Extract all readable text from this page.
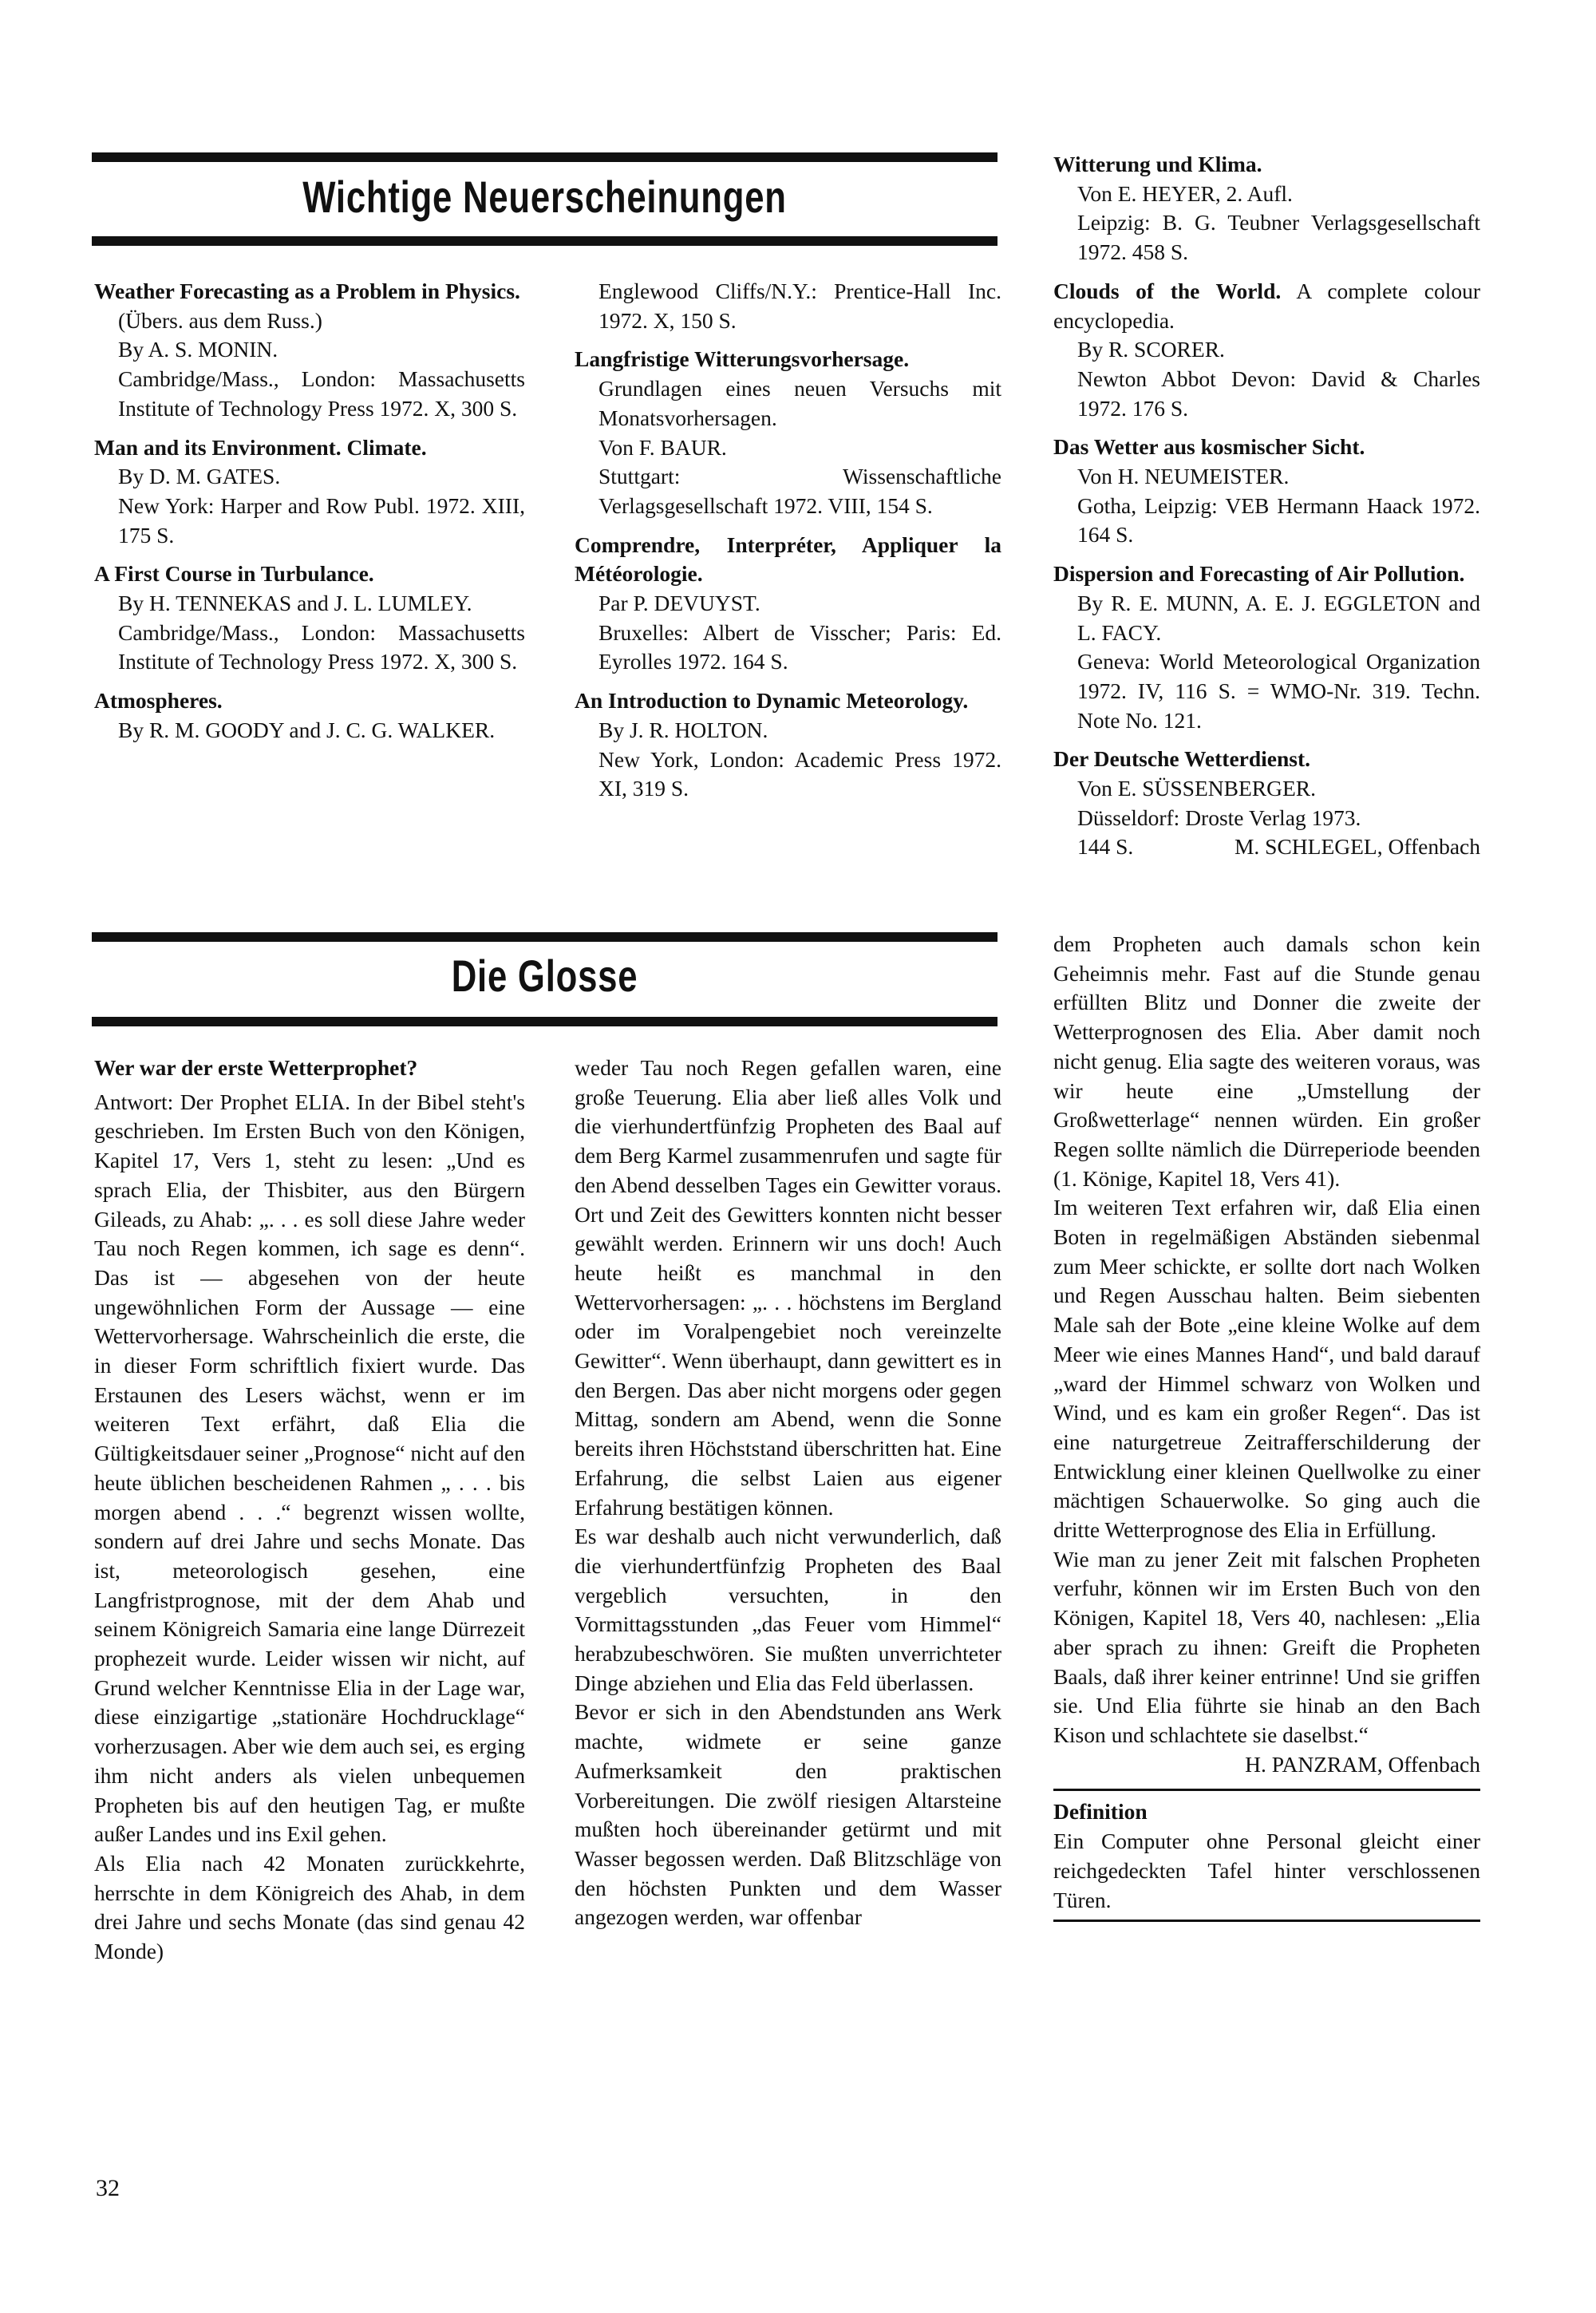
Wichtige Neuerscheinungen

Weather Forecasting as a Problem in Physics.

(Übers. aus dem Russ.)

By A. S. MONIN.

Cambridge/Mass., London: Massachusetts Institute of Technology Press 1972. X, 300 S.

Man and its Environment. Climate.

By D. M. GATES.

New York: Harper and Row Publ. 1972. XIII, 175 S.

A First Course in Turbulance.

By H. TENNEKAS and J. L. LUMLEY.

Cambridge/Mass., London: Massachusetts Institute of Technology Press 1972. X, 300 S.

Atmospheres.

By R. M. GOODY and J. C. G. WALKER.

Englewood Cliffs/N.Y.: Prentice-Hall Inc. 1972. X, 150 S.

Langfristige Witterungsvorhersage.

Grundlagen eines neuen Versuchs mit Monatsvorhersagen.

Von F. BAUR.

Stuttgart: Wissenschaftliche Verlagsgesellschaft 1972. VIII, 154 S.

Comprendre, Interpréter, Appliquer la Météorologie.

Par P. DEVUYST.

Bruxelles: Albert de Visscher; Paris: Ed. Eyrolles 1972. 164 S.

An Introduction to Dynamic Meteorology.

By J. R. HOLTON.

New York, London: Academic Press 1972. XI, 319 S.

Witterung und Klima.

Von E. HEYER, 2. Aufl.

Leipzig: B. G. Teubner Verlagsgesellschaft 1972. 458 S.

Clouds of the World. A complete colour encyclopedia.

By R. SCORER.

Newton Abbot Devon: David & Charles 1972. 176 S.

Das Wetter aus kosmischer Sicht.

Von H. NEUMEISTER.

Gotha, Leipzig: VEB Hermann Haack 1972. 164 S.

Dispersion and Forecasting of Air Pollution.

By R. E. MUNN, A. E. J. EGGLETON and L. FACY.

Geneva: World Meteorological Organization 1972. IV, 116 S. = WMO-Nr. 319. Techn. Note No. 121.

Der Deutsche Wetterdienst.

Von E. SÜSSENBERGER.

Düsseldorf: Droste Verlag 1973.

144 S.	M. SCHLEGEL, Offenbach

Die Glosse

Wer war der erste Wetterprophet?

Antwort: Der Prophet ELIA. In der Bibel steht's geschrieben. Im Ersten Buch von den Königen, Kapitel 17, Vers 1, steht zu lesen: „Und es sprach Elia, der Thisbiter, aus den Bürgern Gileads, zu Ahab: „. . . es soll diese Jahre weder Tau noch Regen kommen, ich sage es denn“. Das ist — abgesehen von der heute ungewöhnlichen Form der Aussage — eine Wettervorhersage. Wahrscheinlich die erste, die in dieser Form schriftlich fixiert wurde. Das Erstaunen des Lesers wächst, wenn er im weiteren Text erfährt, daß Elia die Gültigkeitsdauer seiner „Prognose“ nicht auf den heute üblichen bescheidenen Rahmen „ . . . bis morgen abend . . .“ begrenzt wissen wollte, sondern auf drei Jahre und sechs Monate. Das ist, meteorologisch gesehen, eine Langfristprognose, mit der dem Ahab und seinem Königreich Samaria eine lange Dürrezeit prophezeit wurde. Leider wissen wir nicht, auf Grund welcher Kenntnisse Elia in der Lage war, diese einzigartige „stationäre Hochdrucklage“ vorherzusagen. Aber wie dem auch sei, es erging ihm nicht anders als vielen unbequemen Propheten bis auf den heutigen Tag, er mußte außer Landes und ins Exil gehen.

Als Elia nach 42 Monaten zurückkehrte, herrschte in dem Königreich des Ahab, in dem drei Jahre und sechs Monate (das sind genau 42 Monde)

weder Tau noch Regen gefallen waren, eine große Teuerung. Elia aber ließ alles Volk und die vierhundertfünfzig Propheten des Baal auf dem Berg Karmel zusammenrufen und sagte für den Abend desselben Tages ein Gewitter voraus. Ort und Zeit des Gewitters konnten nicht besser gewählt werden. Erinnern wir uns doch! Auch heute heißt es manchmal in den Wettervorhersagen: „. . . höchstens im Bergland oder im Voralpengebiet noch vereinzelte Gewitter“. Wenn überhaupt, dann gewittert es in den Bergen. Das aber nicht morgens oder gegen Mittag, sondern am Abend, wenn die Sonne bereits ihren Höchststand überschritten hat. Eine Erfahrung, die selbst Laien aus eigener Erfahrung bestätigen können.

Es war deshalb auch nicht verwunderlich, daß die vierhundertfünfzig Propheten des Baal vergeblich versuchten, in den Vormittagsstunden „das Feuer vom Himmel“ herabzubeschwören. Sie mußten unverrichteter Dinge abziehen und Elia das Feld überlassen.

Bevor er sich in den Abendstunden ans Werk machte, widmete er seine ganze Aufmerksamkeit den praktischen Vorbereitungen. Die zwölf riesigen Altarsteine mußten hoch übereinander getürmt und mit Wasser begossen werden. Daß Blitzschläge von den höchsten Punkten und dem Wasser angezogen werden, war offenbar

dem Propheten auch damals schon kein Geheimnis mehr. Fast auf die Stunde genau erfüllten Blitz und Donner die zweite der Wetterprognosen des Elia. Aber damit noch nicht genug. Elia sagte des weiteren voraus, was wir heute eine „Umstellung der Großwetterlage“ nennen würden. Ein großer Regen sollte nämlich die Dürreperiode beenden (1. Könige, Kapitel 18, Vers 41).

Im weiteren Text erfahren wir, daß Elia einen Boten in regelmäßigen Abständen siebenmal zum Meer schickte, er sollte dort nach Wolken und Regen Ausschau halten. Beim siebenten Male sah der Bote „eine kleine Wolke auf dem Meer wie eines Mannes Hand“, und bald darauf „ward der Himmel schwarz von Wolken und Wind, und es kam ein großer Regen“. Das ist eine naturgetreue Zeitrafferschilderung der Entwicklung einer kleinen Quellwolke zu einer mächtigen Schauerwolke. So ging auch die dritte Wetterprognose des Elia in Erfüllung.

Wie man zu jener Zeit mit falschen Propheten verfuhr, können wir im Ersten Buch von den Königen, Kapitel 18, Vers 40, nachlesen: „Elia aber sprach zu ihnen: Greift die Propheten Baals, daß ihrer keiner entrinne! Und sie griffen sie. Und Elia führte sie hinab an den Bach Kison und schlachtete sie daselbst.“

H. PANZRAM, Offenbach

Definition

Ein Computer ohne Personal gleicht einer reichgedeckten Tafel hinter verschlossenen Türen.

32
